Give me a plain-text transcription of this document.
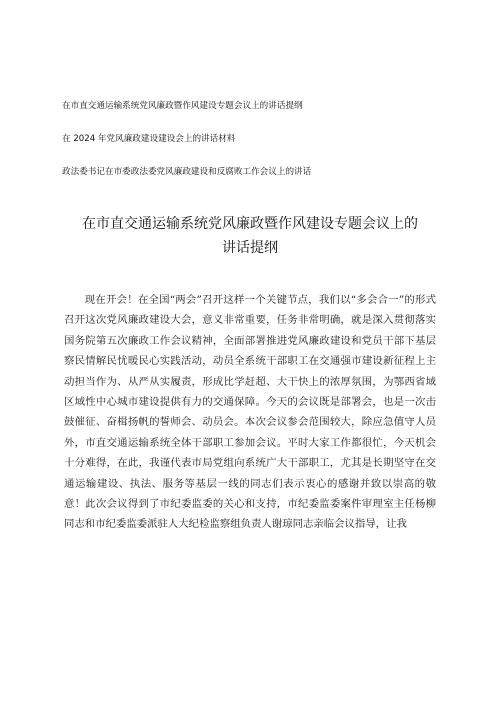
在市直交通运输系统党风廉政暨作风建设专题会议上的讲话提纲
在 2024 年党风廉政建设建设会上的讲话材料
政法委书记在市委政法委党风廉政建设和反腐败工作会议上的讲话
在市直交通运输系统党风廉政暨作风建设专题会议上的
讲话提纲

现在开会！在全国“两会”召开这样一个关键节点，我们以“多会合一”的形式召开这次党风廉政建设大会，意义非常重要，任务非常明确，就是深入贯彻落实国务院第五次廉政工作会议精神，全面部署推进党风廉政建设和党员干部下基层察民情解民忧暖民心实践活动，动员全系统干部职工在交通强市建设新征程上主动担当作为、从严从实履责，形成比学赶超、大干快上的浓厚氛围，为鄂西省域区域性中心城市建设提供有力的交通保障。今天的会议既是部署会，也是一次击鼓催征、奋楫扬帆的誓师会、动员会。本次会议参会范围较大，除应急值守人员外，市直交通运输系统全体干部职工参加会议。平时大家工作都很忙，今天机会十分难得，在此，我谨代表市局党组向系统广大干部职工，尤其是长期坚守在交通运输建设、执法、服务等基层一线的同志们表示衷心的感谢并致以崇高的敬意！此次会议得到了市纪委监委的关心和支持，市纪委监委案件审理室主任杨柳同志和市纪委监委派驻人大纪检监察组负责人谢琼同志亲临会议指导，让我
